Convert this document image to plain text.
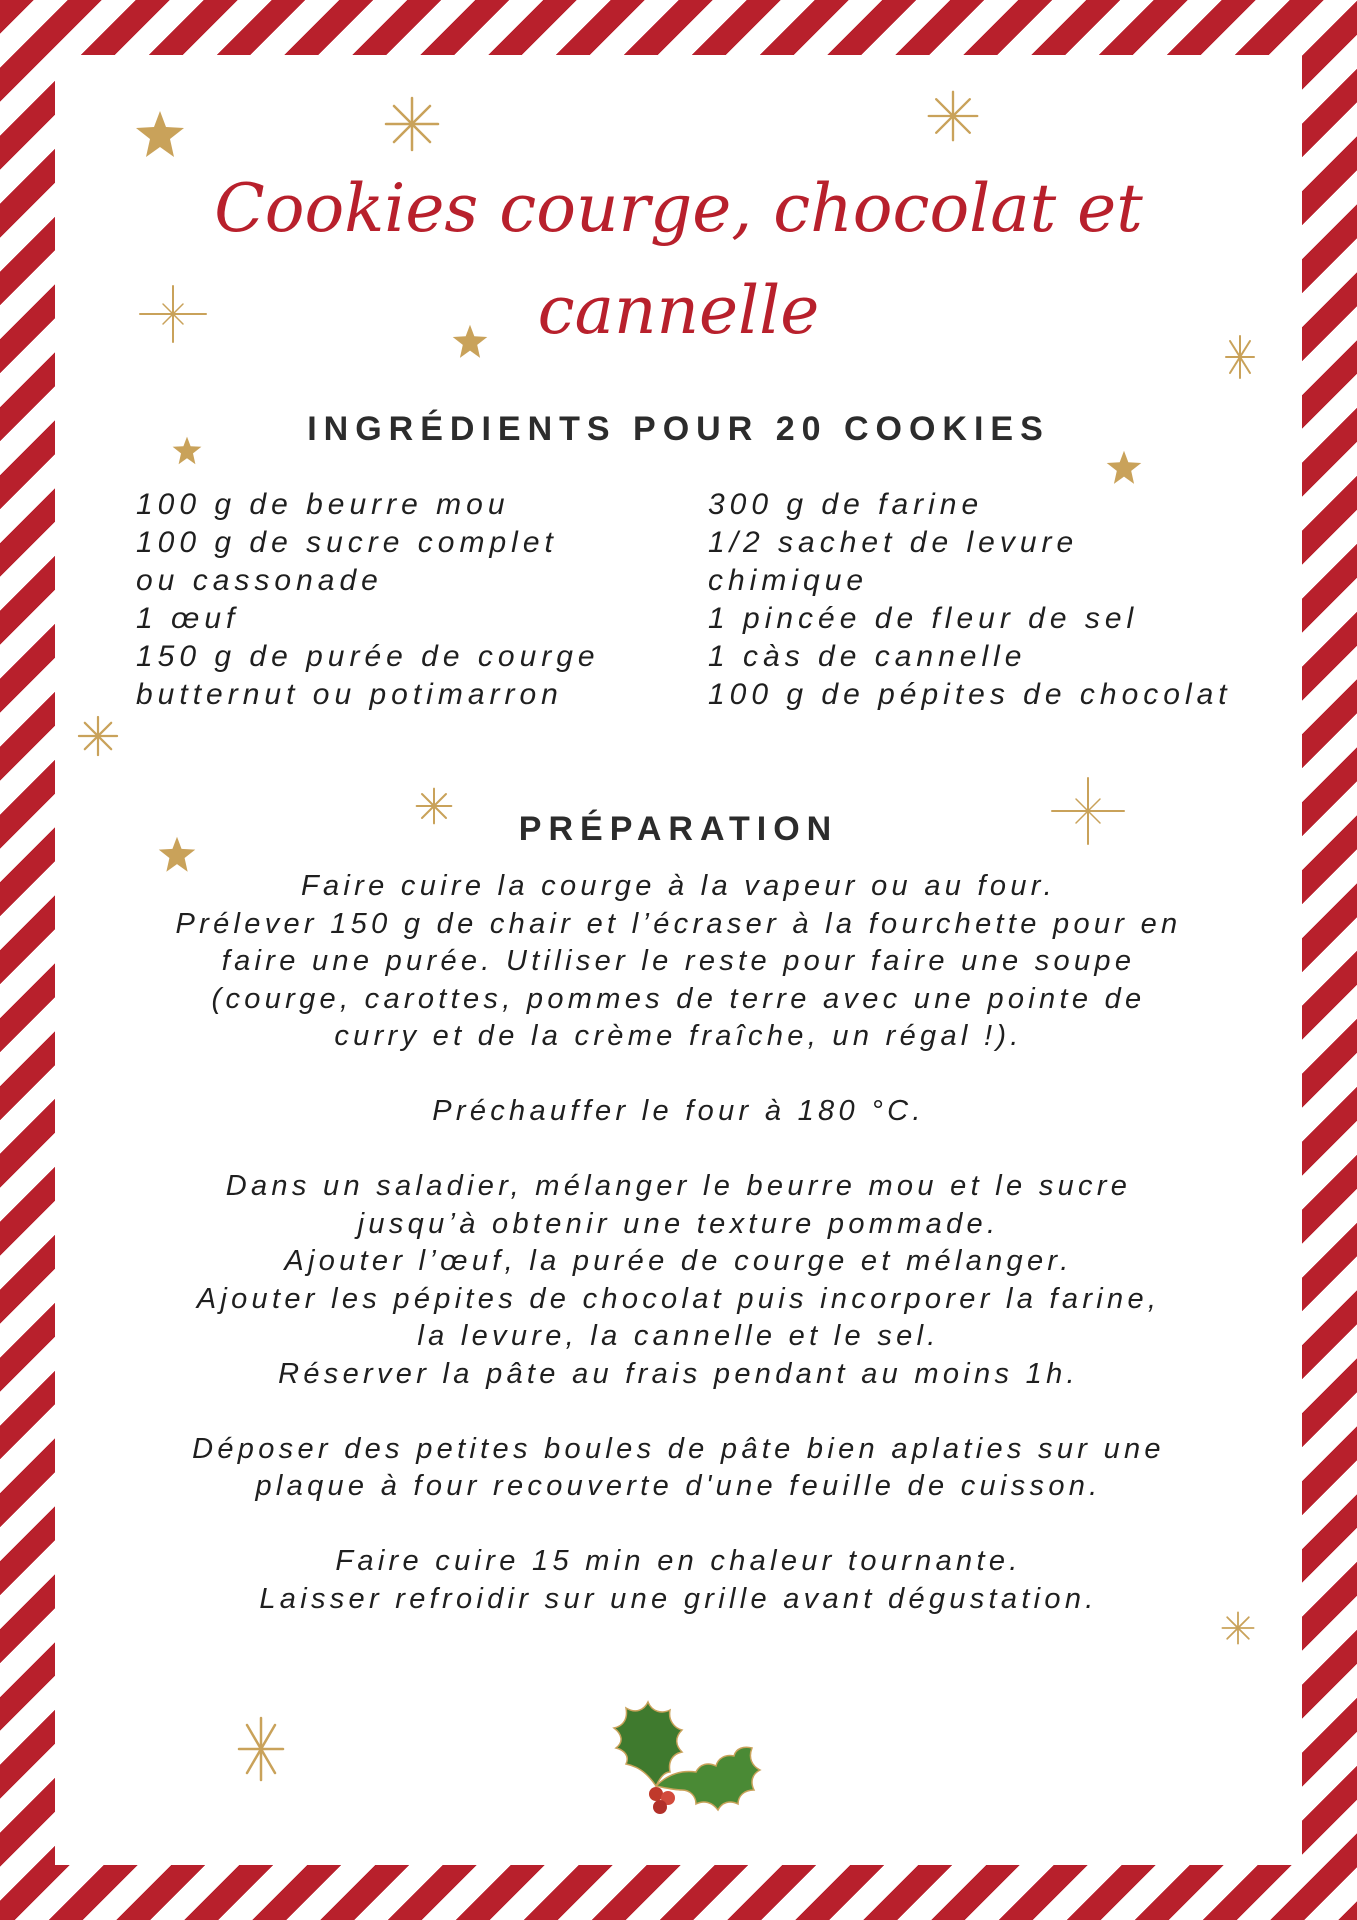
Cookies courge, chocolat et
cannelle
INGRÉDIENTS POUR 20 COOKIES
100 g de beurre mou
100 g de sucre complet
ou cassonade
1 œuf
150 g de purée de courge
butternut ou potimarron
300 g de farine
1/2 sachet de levure
chimique
1 pincée de fleur de sel
1 càs de cannelle
100 g de pépites de chocolat
PRÉPARATION

Faire cuire la courge à la vapeur ou au four.
Prélever 150 g de chair et l’écraser à la fourchette pour en
faire une purée. Utiliser le reste pour faire une soupe
(courge, carottes, pommes de terre avec une pointe de
curry et de la crème fraîche, un régal !).

Préchauffer le four à 180 °C.

Dans un saladier, mélanger le beurre mou et le sucre
jusqu’à obtenir une texture pommade.
Ajouter l’œuf, la purée de courge et mélanger.
Ajouter les pépites de chocolat puis incorporer la farine,
la levure, la cannelle et le sel.
Réserver la pâte au frais pendant au moins 1h.

Déposer des petites boules de pâte bien aplaties sur une
plaque à four recouverte d'une feuille de cuisson.

Faire cuire 15 min en chaleur tournante.
Laisser refroidir sur une grille avant dégustation.
